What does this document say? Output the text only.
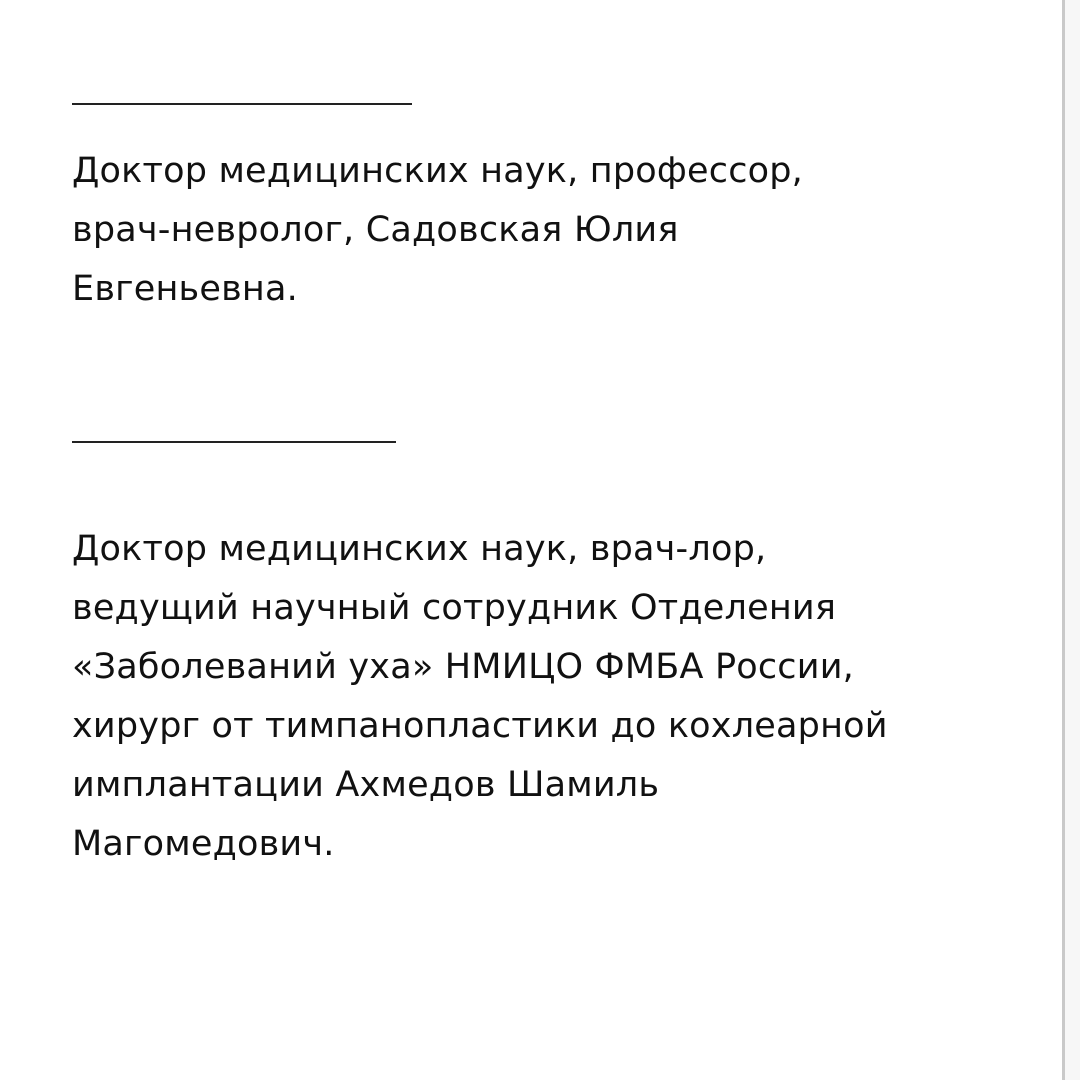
Доктор медицинских наук, профессор,
врач-невролог, Садовская Юлия
Евгеньевна.
Доктор медицинских наук, врач-лор,
ведущий научный сотрудник Отделения
«Заболеваний уха» НМИЦО ФМБА России,
хирург от тимпанопластики до кохлеарной
имплантации Ахмедов Шамиль
Магомедович.
